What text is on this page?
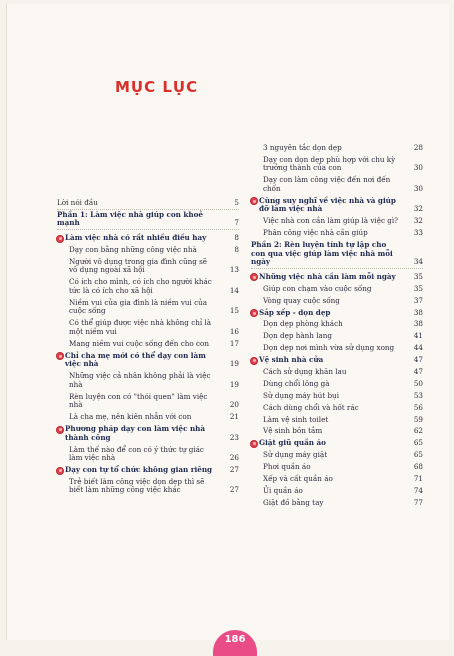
MỤC LỤC
Lời nói đầu	5
Phần 1: Làm việc nhà giúp con khoẻ mạnh	7
Làm việc nhà có rất nhiều điều hay	8
Dạy con bằng những công việc nhà	8
Người vô dụng trong gia đình cũng sẽ vô dụng ngoài xã hội	13
Có ích cho mình, có ích cho người khác tức là có ích cho xã hội	14
Niềm vui của gia đình là niềm vui của cuộc sống	15
Có thể giúp được việc nhà không chỉ là một niềm vui	16
Mang niềm vui cuộc sống đến cho con	17
Chỉ cha mẹ mới có thể dạy con làm việc nhà	19
Những việc cả nhân không phải là việc nhà	19
Rèn luyện con có "thói quen" làm việc nhà	20
Là cha mẹ, nên kiên nhẫn với con	21
Phương pháp dạy con làm việc nhà thành công	23
Làm thế nào để con có ý thức tự giác làm việc nhà	26
Dạy con tự tổ chức không gian riêng	27
Trẻ biết làm công việc dọn dẹp thì sẽ biết làm những công việc khác	27
3 nguyên tắc dọn dẹp	28
Dạy con dọn dẹp phù hợp với chu kỳ trưởng thành của con	30
Dạy con làm công việc đến nơi đến chốn	30
Cùng suy nghĩ về việc nhà và giúp đỡ làm việc nhà	32
Việc nhà con cần làm giúp là việc gì?	32
Phân công việc nhà cần giúp	33
Phần 2: Rèn luyện tính tự lập cho con qua việc giúp làm việc nhà mỗi ngày	34
Những việc nhà cần làm mỗi ngày	35
Giúp con chạm vào cuộc sống	35
Vòng quay cuộc sống	37
Sắp xếp - dọn dẹp	38
Dọn dẹp phòng khách	38
Dọn dẹp hành lang	41
Dọn dẹp nơi mình vừa sử dụng xong	44
Vệ sinh nhà cửa	47
Cách sử dụng khăn lau	47
Dùng chổi lông gà	50
Sử dụng máy hút bụi	53
Cách dùng chổi và hốt rác	56
Làm vệ sinh toilet	59
Vệ sinh bồn tắm	62
Giặt giũ quần áo	65
Sử dụng máy giặt	65
Phơi quần áo	68
Xếp và cất quần áo	71
Ủi quần áo	74
Giặt đồ bằng tay	77
186
